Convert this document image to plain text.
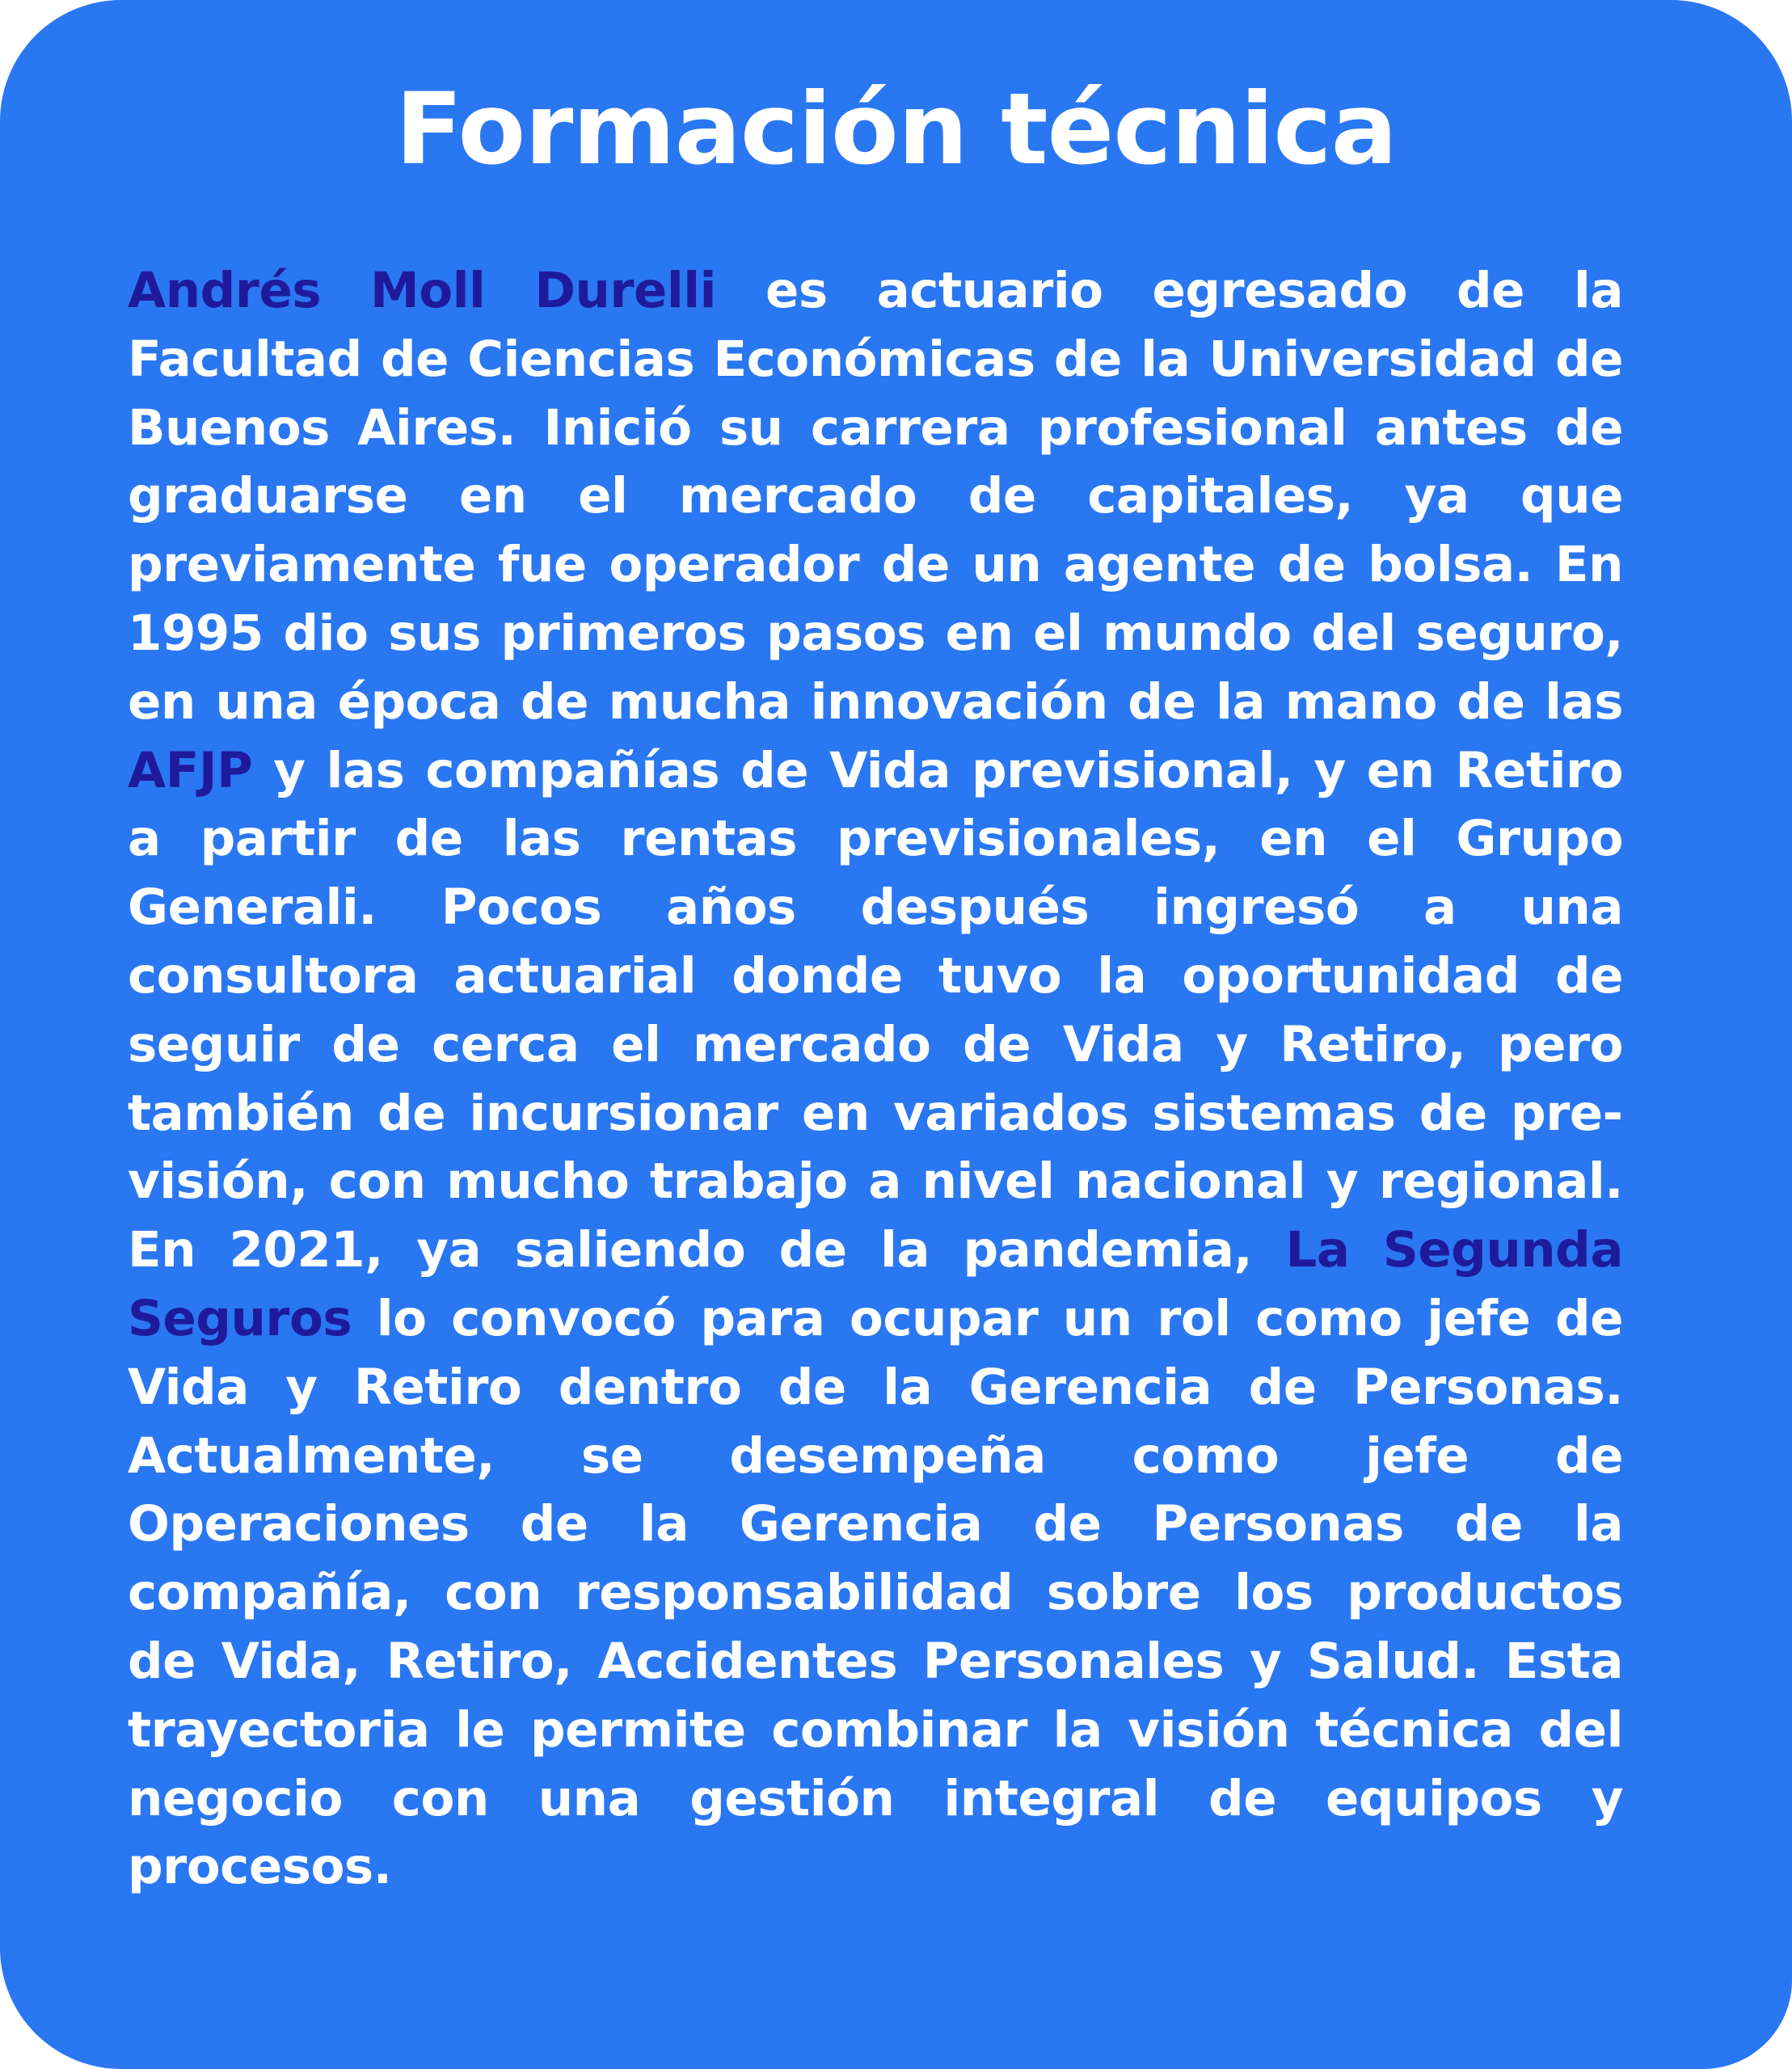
Formación técnica

Andrés Moll Durelli es actuario egresado de la Facultad de Ciencias Económicas de la Universidad de Buenos Aires. Inició su carrera profesional antes de graduarse en el mercado de capitales, ya que previamente fue operador de un agente de bolsa. En 1995 dio sus primeros pasos en el mundo del seguro, en una época de mucha innovación de la mano de las AFJP y las compañías de Vida previsional, y en Retiro a partir de las rentas previsionales, en el Grupo Generali. Pocos años después ingresó a una consultora actuarial donde tuvo la oportunidad de seguir de cerca el mercado de Vida y Retiro, pero también de incursionar en variados sistemas de previsión, con mucho trabajo a nivel nacional y regional. En 2021, ya saliendo de la pandemia, La Segunda Seguros lo convocó para ocupar un rol como jefe de Vida y Retiro dentro de la Gerencia de Personas. Actualmente, se desempeña como jefe de Operaciones de la Gerencia de Personas de la compañía, con responsabilidad sobre los productos de Vida, Retiro, Accidentes Personales y Salud. Esta trayectoria le permite combinar la visión técnica del negocio con una gestión integral de equipos y procesos.
